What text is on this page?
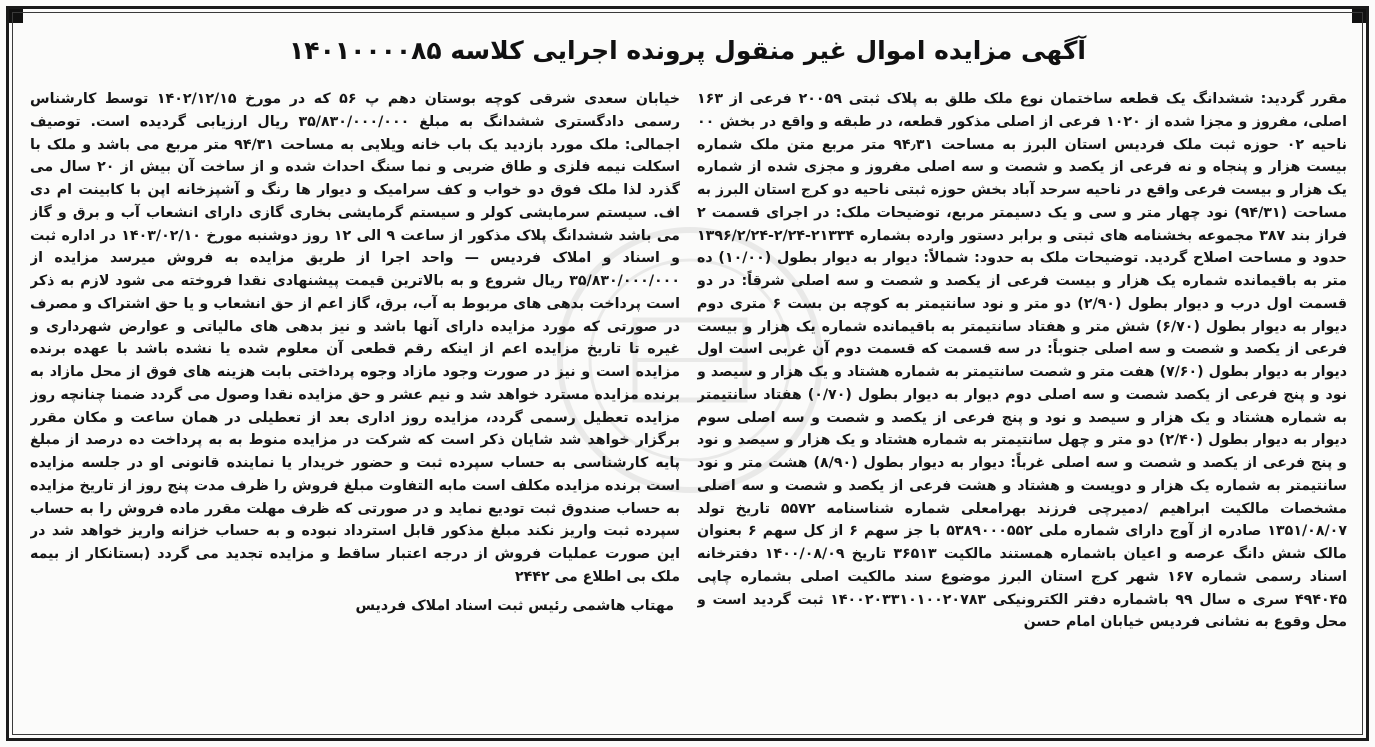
آگهی مزایده اموال غیر منقول پرونده اجرایی کلاسه ۱۴۰۱۰۰۰۰۸۵

مقرر گردید: ششدانگ یک قطعه ساختمان نوع ملک طلق به پلاک ثبتی ۲۰۰۵۹ فرعی از ۱۶۳ اصلی، مفروز و مجزا شده از ۱۰۲۰ فرعی از اصلی مذکور قطعه، در طبقه و واقع در بخش ۰۰ ناحیه ۰۲ حوزه ثبت ملک فردیس استان البرز به مساحت ۹۴٫۳۱ متر مربع متن ملک شماره بیست هزار و پنجاه و نه فرعی از یکصد و شصت و سه اصلی مفروز و مجزی شده از شماره یک هزار و بیست فرعی واقع در ناحیه سرحد آباد بخش حوزه ثبتی ناحیه دو کرج استان البرز به مساحت (۹۴/۳۱) نود چهار متر و سی و یک دسیمتر مربع، توضیحات ملک: در اجرای قسمت ۲ فراز بند ۳۸۷ مجموعه بخشنامه های ثبتی و برابر دستور وارده بشماره ۲۱۳۳۴-۲/۲۴-۱۳۹۶/۲/۲۴ حدود و مساحت اصلاح گردید. توضیحات ملک به حدود: شمالاً: دیوار به دیوار بطول (۱۰/۰۰) ده متر به باقیمانده شماره یک هزار و بیست فرعی از یکصد و شصت و سه اصلی شرقاً: در دو قسمت اول درب و دیوار بطول (۲/۹۰) دو متر و نود سانتیمتر به کوچه بن بست ۶ متری دوم دیوار به دیوار بطول (۶/۷۰) شش متر و هفتاد سانتیمتر به باقیمانده شماره یک هزار و بیست فرعی از یکصد و شصت و سه اصلی جنوباً: در سه قسمت که قسمت دوم آن غربی است اول دیوار به دیوار بطول (۷/۶۰) هفت متر و شصت سانتیمتر به شماره هشتاد و یک هزار و سیصد و نود و پنج فرعی از یکصد شصت و سه اصلی دوم دیوار به دیوار بطول (۰/۷۰) هفتاد سانتیمتر به شماره هشتاد و یک هزار و سیصد و نود و پنج فرعی از یکصد و شصت و سه اصلی سوم دیوار به دیوار بطول (۲/۴۰) دو متر و چهل سانتیمتر به شماره هشتاد و یک هزار و سیصد و نود و پنج فرعی از یکصد و شصت و سه اصلی غرباً: دیوار به دیوار بطول (۸/۹۰) هشت متر و نود سانتیمتر به شماره یک هزار و دویست و هشتاد و هشت فرعی از یکصد و شصت و سه اصلی مشخصات مالکیت ابراهیم /دمیرچی فرزند بهرامعلی شماره شناسنامه ۵۵۷۲ تاریخ تولد ۱۳۵۱/۰۸/۰۷ صادره از آوج دارای شماره ملی ۵۳۸۹۰۰۰۵۵۲ با جز سهم ۶ از کل سهم ۶ بعنوان مالک شش دانگ عرصه و اعیان باشماره همستند مالکیت ۳۶۵۱۳ تاریخ ۱۴۰۰/۰۸/۰۹ دفترخانه اسناد رسمی شماره ۱۶۷ شهر کرج استان البرز موضوع سند مالکیت اصلی بشماره چاپی ۴۹۴۰۴۵ سری ه سال ۹۹ باشماره دفتر الکترونیکی ۱۴۰۰۲۰۳۳۱۰۱۰۰۲۰۷۸۳ ثبت گردید است و محل وقوع به نشانی فردیس خیابان امام حسن

خیابان سعدی شرقی کوچه بوستان دهم پ ۵۶ که در مورخ ۱۴۰۲/۱۲/۱۵ توسط کارشناس رسمی دادگستری ششدانگ به مبلغ ۳۵/۸۳۰/۰۰۰/۰۰۰ ریال ارزیابی گردیده است. توصیف اجمالی: ملک مورد بازدید یک باب خانه ویلایی به مساحت ۹۴/۳۱ متر مربع می باشد و ملک با اسکلت نیمه فلزی و طاق ضربی و نما سنگ احداث شده و از ساخت آن بیش از ۲۰ سال می گذرد لذا ملک فوق دو خواب و کف سرامیک و دیوار ها رنگ و آشپزخانه اپن با کابینت ام دی اف. سیستم سرمایشی کولر و سیستم گرمایشی بخاری گازی دارای انشعاب آب و برق و گاز می باشد ششدانگ پلاک مذکور از ساعت ۹ الی ۱۲ روز دوشنبه مورخ ۱۴۰۳/۰۲/۱۰ در اداره ثبت و اسناد و املاک فردیس — واحد اجرا از طریق مزایده به فروش میرسد مزایده از ۳۵/۸۳۰/۰۰۰/۰۰۰ ریال شروع و به بالاترین قیمت پیشنهادی نقدا فروخته می شود لازم به ذکر است پرداخت بدهی های مربوط به آب، برق، گاز اعم از حق انشعاب و یا حق اشتراک و مصرف در صورتی که مورد مزایده دارای آنها باشد و نیز بدهی های مالیاتی و عوارض شهرداری و غیره تا تاریخ مزایده اعم از اینکه رقم قطعی آن معلوم شده یا نشده باشد با عهده برنده مزایده است و نیز در صورت وجود مازاد وجوه پرداختی بابت هزینه های فوق از محل مازاد به برنده مزایده مسترد خواهد شد و نیم عشر و حق مزایده نقدا وصول می گردد ضمنا چنانچه روز مزایده تعطیل رسمی گردد، مزایده روز اداری بعد از تعطیلی در همان ساعت و مکان مقرر برگزار خواهد شد شایان ذکر است که شرکت در مزایده منوط به به پرداخت ده درصد از مبلغ پایه کارشناسی به حساب سپرده ثبت و حضور خریدار یا نماینده قانونی او در جلسه مزایده است برنده مزایده مکلف است مابه التفاوت مبلغ فروش را ظرف مدت پنج روز از تاریخ مزایده به حساب صندوق ثبت تودیع نماید و در صورتی که ظرف مهلت مقرر ماده فروش را به حساب سپرده ثبت واریز نکند مبلغ مذکور قابل استرداد نبوده و به حساب خزانه واریز خواهد شد در این صورت عملیات فروش از درجه اعتبار ساقط و مزایده تجدید می گردد (بستانکار از بیمه ملک بی اطلاع می ۲۴۴۲

مهتاب هاشمی رئیس ثبت اسناد املاک فردیس
